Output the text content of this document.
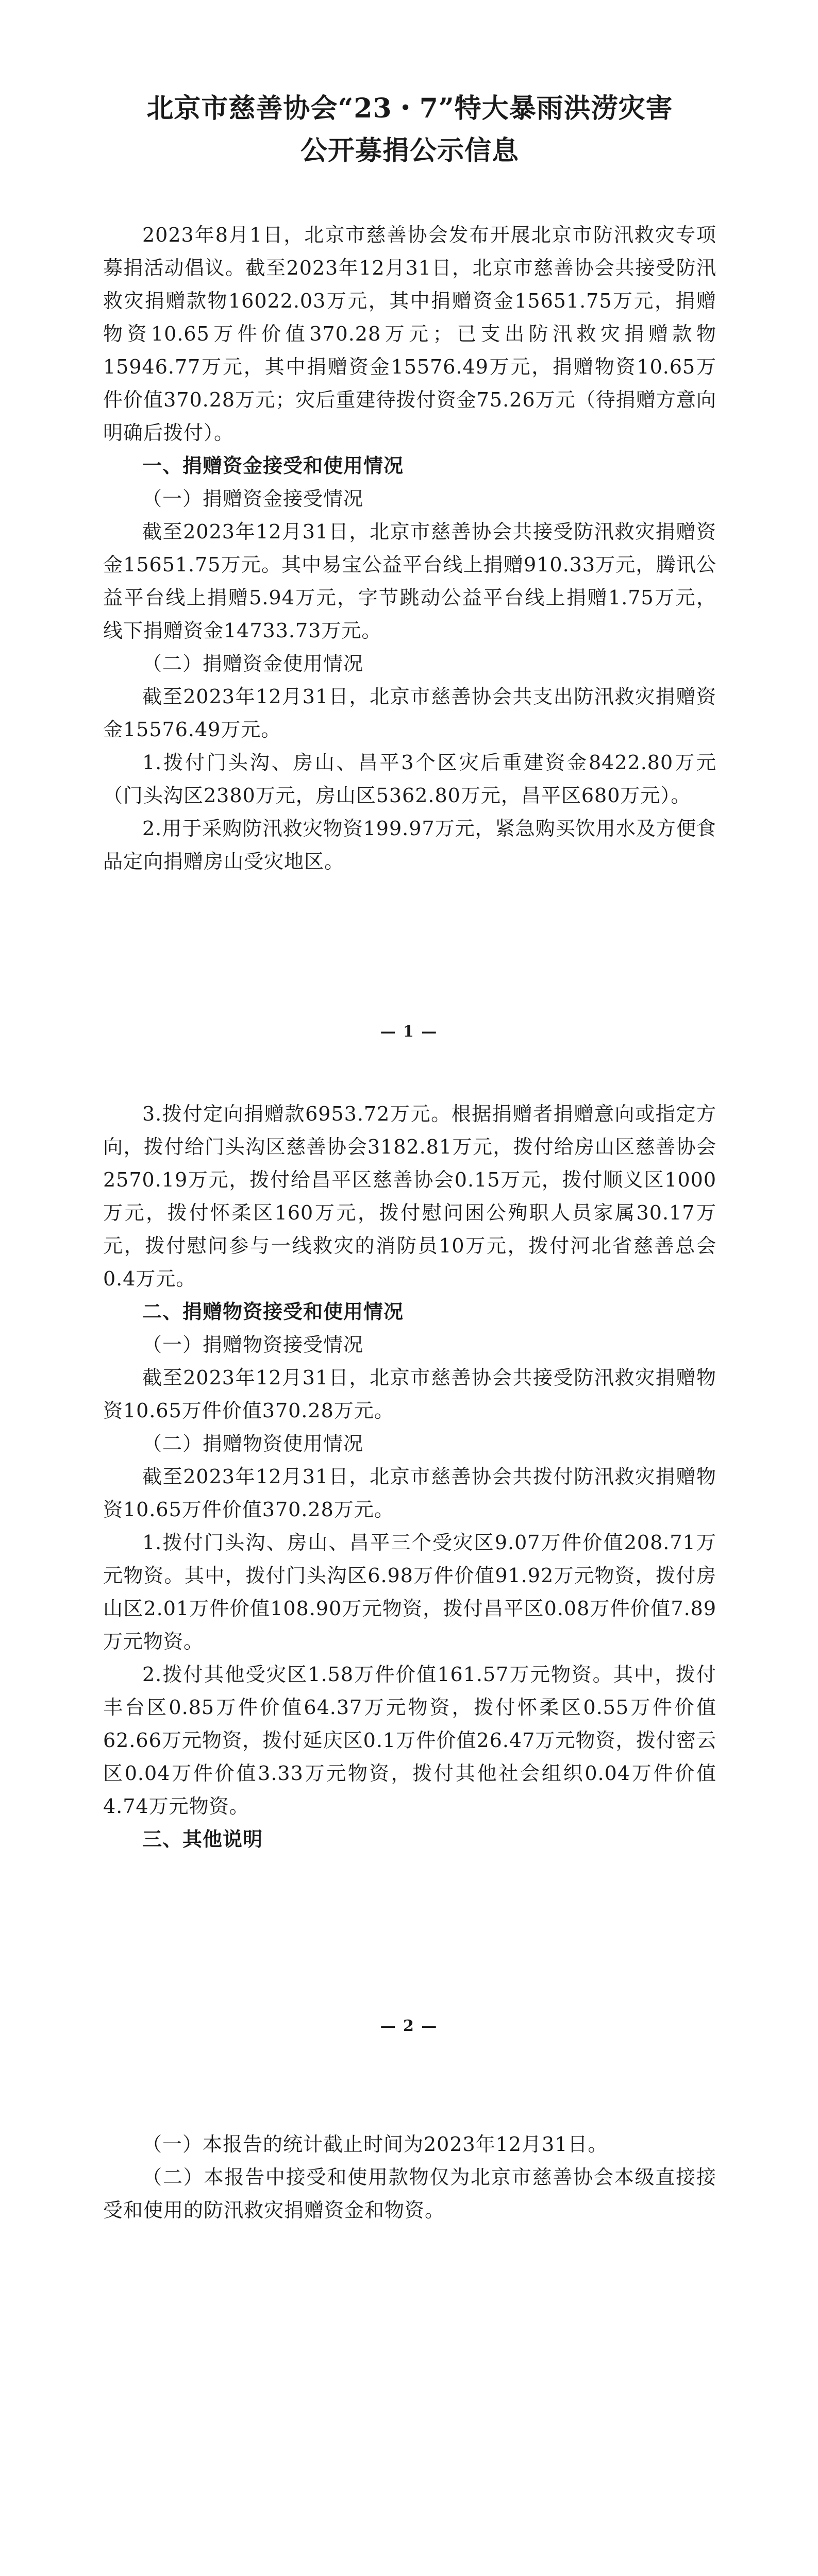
北京市慈善协会“23・7”特大暴雨洪涝灾害

公开募捐公示信息

2023年8月1日，北京市慈善协会发布开展北京市防汛救灾专项募捐活动倡议。截至2023年12月31日，北京市慈善协会共接受防汛救灾捐赠款物16022.03万元，其中捐赠资金15651.75万元，捐赠物资10.65万件价值370.28万元；已支出防汛救灾捐赠款物15946.77万元，其中捐赠资金15576.49万元，捐赠物资10.65万件价值370.28万元；灾后重建待拨付资金75.26万元（待捐赠方意向明确后拨付）。

一、捐赠资金接受和使用情况

（一）捐赠资金接受情况

截至2023年12月31日，北京市慈善协会共接受防汛救灾捐赠资金15651.75万元。其中易宝公益平台线上捐赠910.33万元，腾讯公益平台线上捐赠5.94万元，字节跳动公益平台线上捐赠1.75万元，线下捐赠资金14733.73万元。

（二）捐赠资金使用情况

截至2023年12月31日，北京市慈善协会共支出防汛救灾捐赠资金15576.49万元。

1.拨付门头沟、房山、昌平3个区灾后重建资金8422.80万元（门头沟区2380万元，房山区5362.80万元，昌平区680万元）。

2.用于采购防汛救灾物资199.97万元，紧急购买饮用水及方便食品定向捐赠房山受灾地区。

— 1 —

3.拨付定向捐赠款6953.72万元。根据捐赠者捐赠意向或指定方向，拨付给门头沟区慈善协会3182.81万元，拨付给房山区慈善协会2570.19万元，拨付给昌平区慈善协会0.15万元，拨付顺义区1000万元，拨付怀柔区160万元，拨付慰问困公殉职人员家属30.17万元，拨付慰问参与一线救灾的消防员10万元，拨付河北省慈善总会0.4万元。

二、捐赠物资接受和使用情况

（一）捐赠物资接受情况

截至2023年12月31日，北京市慈善协会共接受防汛救灾捐赠物资10.65万件价值370.28万元。

（二）捐赠物资使用情况

截至2023年12月31日，北京市慈善协会共拨付防汛救灾捐赠物资10.65万件价值370.28万元。

1.拨付门头沟、房山、昌平三个受灾区9.07万件价值208.71万元物资。其中，拨付门头沟区6.98万件价值91.92万元物资，拨付房山区2.01万件价值108.90万元物资，拨付昌平区0.08万件价值7.89万元物资。

2.拨付其他受灾区1.58万件价值161.57万元物资。其中，拨付丰台区0.85万件价值64.37万元物资，拨付怀柔区0.55万件价值62.66万元物资，拨付延庆区0.1万件价值26.47万元物资，拨付密云区0.04万件价值3.33万元物资，拨付其他社会组织0.04万件价值4.74万元物资。

三、其他说明

— 2 —

（一）本报告的统计截止时间为2023年12月31日。

（二）本报告中接受和使用款物仅为北京市慈善协会本级直接接受和使用的防汛救灾捐赠资金和物资。
